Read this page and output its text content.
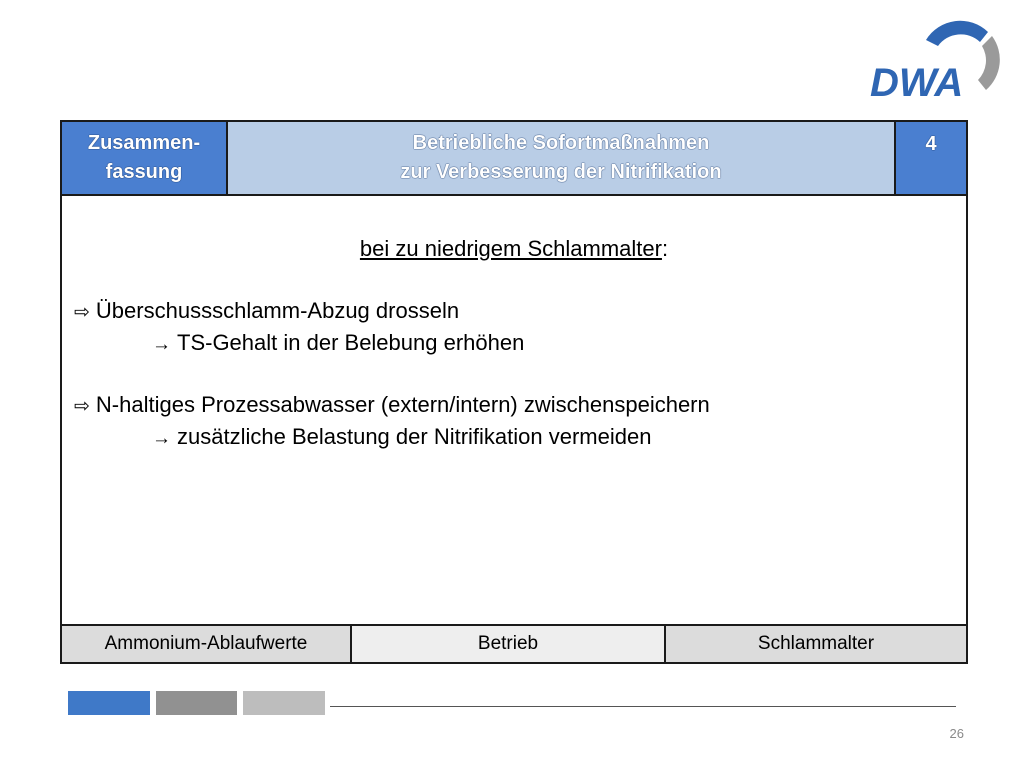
DWA
Zusammen-
fassung
Betriebliche Sofortmaßnahmen
zur Verbesserung der Nitrifikation
4
bei zu niedrigem Schlammalter:
⇨ Überschussschlamm-Abzug drosseln
→ TS-Gehalt in der Belebung erhöhen
⇨ N-haltiges Prozessabwasser (extern/intern) zwischenspeichern
→ zusätzliche Belastung der Nitrifikation vermeiden
Ammonium-Ablaufwerte	Betrieb	Schlammalter
26
